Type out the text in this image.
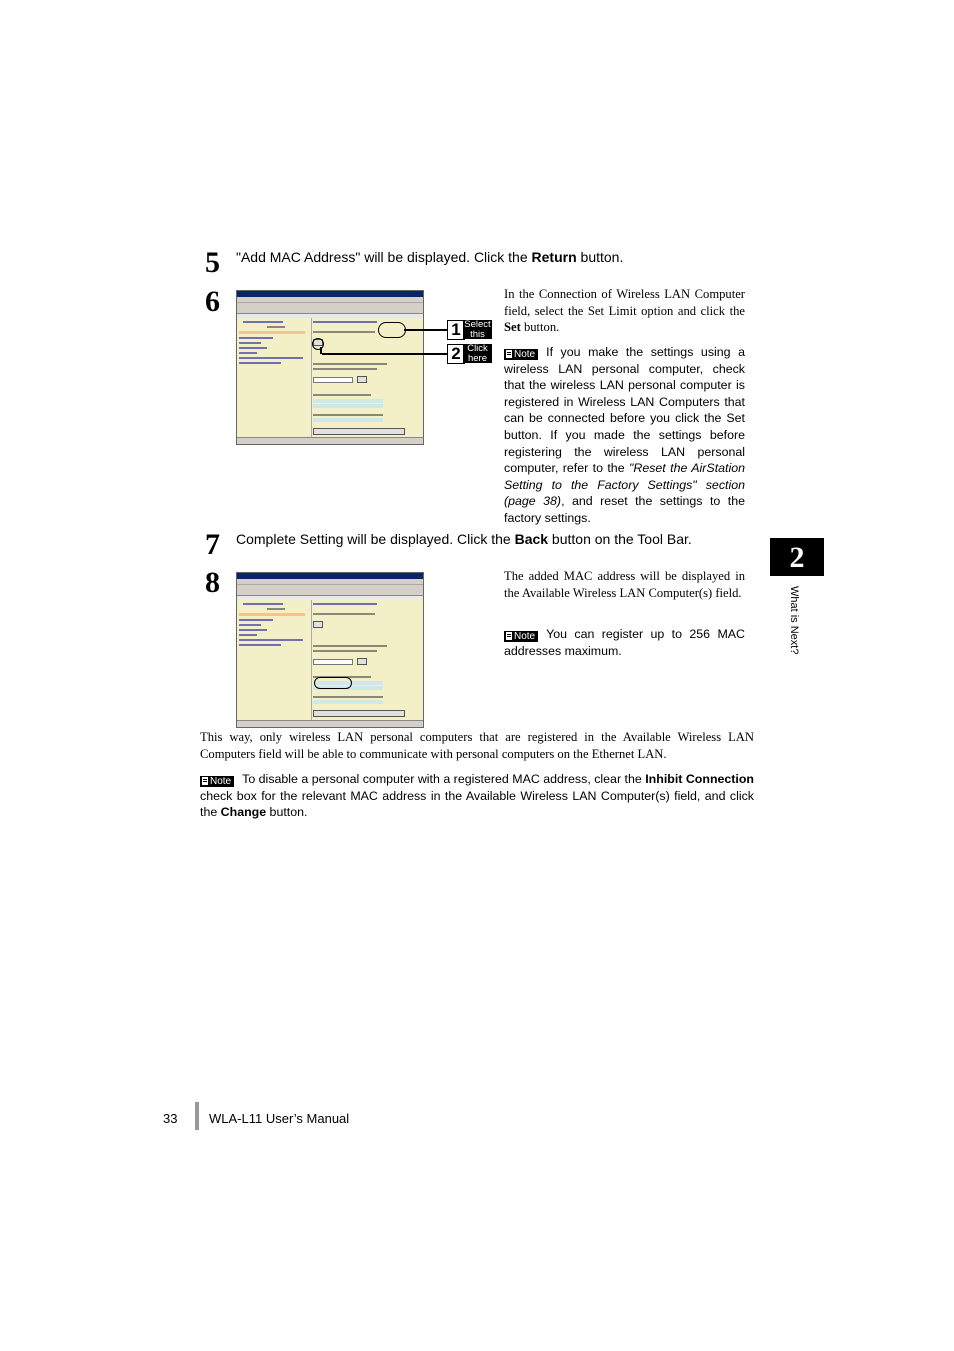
5 "Add MAC Address" will be displayed. Click the Return button.
6

1 Select
this
2 Click
here
In the Connection of Wireless LAN Computer field, select the Set Limit option and click the Set button.
Note If you make the settings using a wireless LAN personal computer, check that the wireless LAN personal computer is registered in Wireless LAN Computers that can be connected before you click the Set button. If you made the settings before registering the wireless LAN personal computer, refer to the "Reset the AirStation Setting to the Factory Settings" section (page 38), and reset the settings to the factory settings.
7 Complete Setting will be displayed. Click the Back button on the Tool Bar.
2
What is Next?
8

	The added MAC address will be displayed in the Available Wireless LAN Computer(s) field.
Note You can register up to 256 MAC addresses maximum.
This way, only wireless LAN personal computers that are registered in the Available Wireless LAN Computers field will be able to communicate with personal computers on the Ethernet LAN.
Note To disable a personal computer with a registered MAC address, clear the Inhibit Connection check box for the relevant MAC address in the Available Wireless LAN Computer(s) field, and click the Change button.
33 WLA-L11 User’s Manual
